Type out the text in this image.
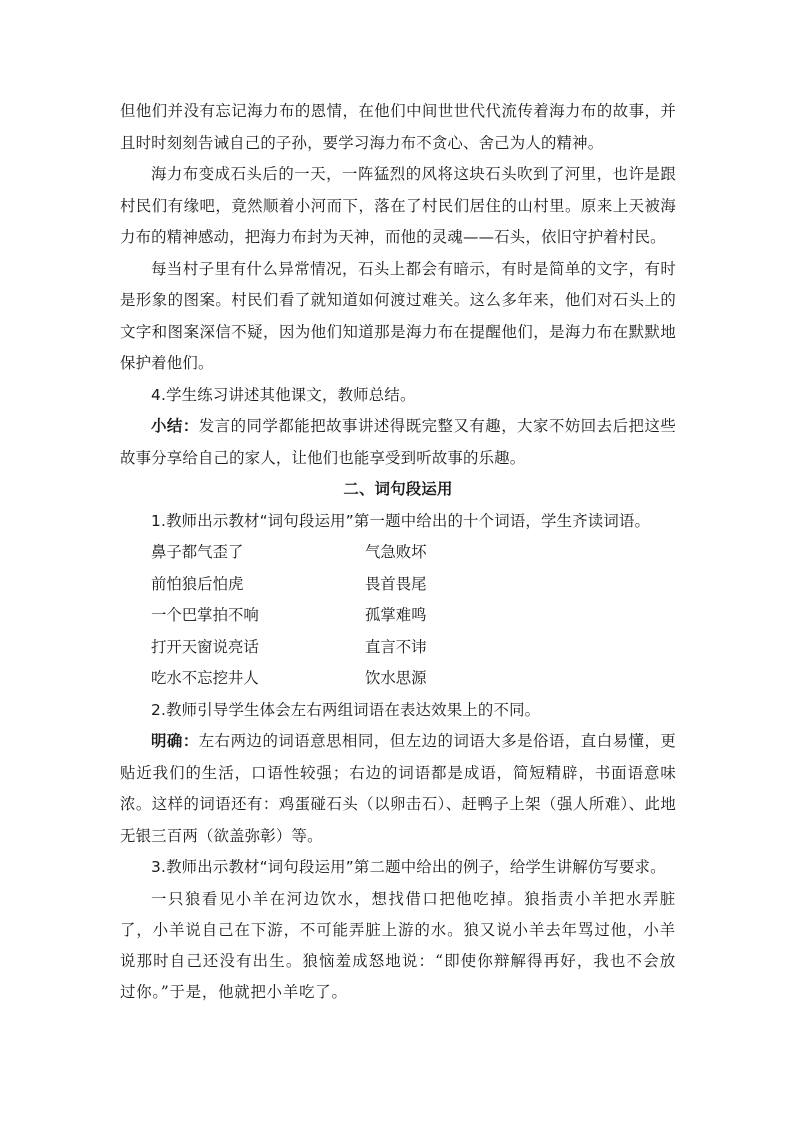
但他们并没有忘记海力布的恩情，在他们中间世世代代流传着海力布的故事，并且时时刻刻告诫自己的子孙，要学习海力布不贪心、舍己为人的精神。

海力布变成石头后的一天，一阵猛烈的风将这块石头吹到了河里，也许是跟村民们有缘吧，竟然顺着小河而下，落在了村民们居住的山村里。原来上天被海力布的精神感动，把海力布封为天神，而他的灵魂——石头，依旧守护着村民。

每当村子里有什么异常情况，石头上都会有暗示，有时是简单的文字，有时是形象的图案。村民们看了就知道如何渡过难关。这么多年来，他们对石头上的文字和图案深信不疑，因为他们知道那是海力布在提醒他们，是海力布在默默地保护着他们。

4.学生练习讲述其他课文，教师总结。

小结：发言的同学都能把故事讲述得既完整又有趣，大家不妨回去后把这些故事分享给自己的家人，让他们也能享受到听故事的乐趣。

二、词句段运用

1.教师出示教材“词句段运用”第一题中给出的十个词语，学生齐读词语。

鼻子都气歪了	气急败坏
前怕狼后怕虎	畏首畏尾
一个巴掌拍不响	孤掌难鸣
打开天窗说亮话	直言不讳
吃水不忘挖井人	饮水思源

2.教师引导学生体会左右两组词语在表达效果上的不同。

明确：左右两边的词语意思相同，但左边的词语大多是俗语，直白易懂，更贴近我们的生活，口语性较强；右边的词语都是成语，简短精辟，书面语意味浓。这样的词语还有：鸡蛋碰石头（以卵击石）、赶鸭子上架（强人所难）、此地无银三百两（欲盖弥彰）等。

3.教师出示教材“词句段运用”第二题中给出的例子，给学生讲解仿写要求。

一只狼看见小羊在河边饮水，想找借口把他吃掉。狼指责小羊把水弄脏了，小羊说自己在下游，不可能弄脏上游的水。狼又说小羊去年骂过他，小羊说那时自己还没有出生。狼恼羞成怒地说：“即使你辩解得再好，我也不会放过你。”于是，他就把小羊吃了。
